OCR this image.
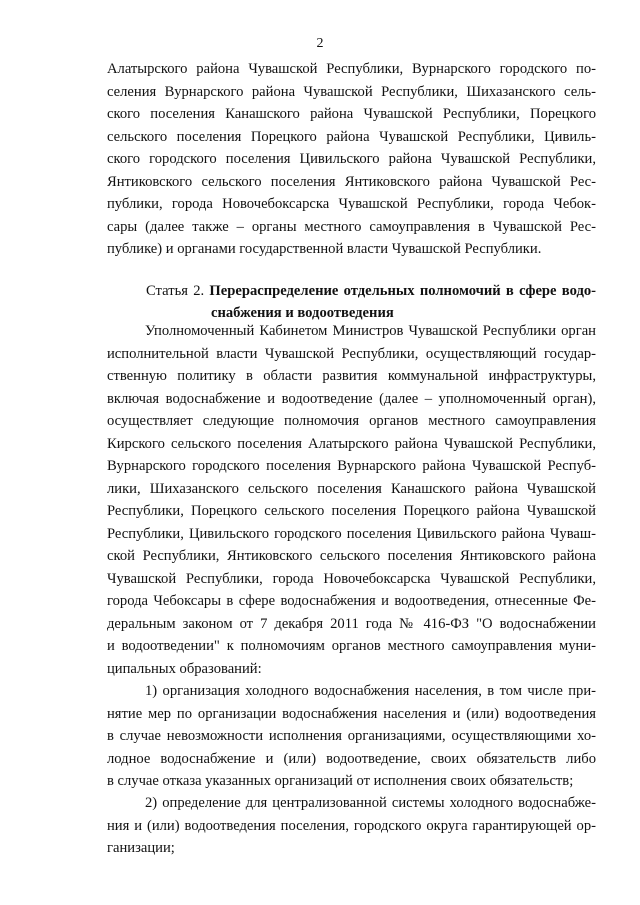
2
Алатырского района Чувашской Республики, Вурнарского городского по-
селения Вурнарского района Чувашской Республики, Шихазанского сель-
ского поселения Канашского района Чувашской Республики, Порецкого
сельского поселения Порецкого района Чувашской Республики, Цивиль-
ского городского поселения Цивильского района Чувашской Республики,
Янтиковского сельского поселения Янтиковского района Чувашской Рес-
публики, города Новочебоксарска Чувашской Республики, города Чебок-
сары (далее также – органы местного самоуправления в Чувашской Рес-
публике) и органами государственной власти Чувашской Республики.
Статья 2. Перераспределение отдельных полномочий в сфере водо-
снабжения и водоотведения
Уполномоченный Кабинетом Министров Чувашской Республики орган
исполнительной власти Чувашской Республики, осуществляющий государ-
ственную политику в области развития коммунальной инфраструктуры,
включая водоснабжение и водоотведение (далее – уполномоченный орган),
осуществляет следующие полномочия органов местного самоуправления
Кирского сельского поселения Алатырского района Чувашской Республики,
Вурнарского городского поселения Вурнарского района Чувашской Респуб-
лики, Шихазанского сельского поселения Канашского района Чувашской
Республики, Порецкого сельского поселения Порецкого района Чувашской
Республики, Цивильского городского поселения Цивильского района Чуваш-
ской Республики, Янтиковского сельского поселения Янтиковского района
Чувашской Республики, города Новочебоксарска Чувашской Республики,
города Чебоксары в сфере водоснабжения и водоотведения, отнесенные Фе-
деральным законом от 7 декабря 2011 года № 416-ФЗ "О водоснабжении
и водоотведении" к полномочиям органов местного самоуправления муни-
ципальных образований:
1) организация холодного водоснабжения населения, в том числе при-
нятие мер по организации водоснабжения населения и (или) водоотведения
в случае невозможности исполнения организациями, осуществляющими хо-
лодное водоснабжение и (или) водоотведение, своих обязательств либо
в случае отказа указанных организаций от исполнения своих обязательств;
2) определение для централизованной системы холодного водоснабже-
ния и (или) водоотведения поселения, городского округа гарантирующей ор-
ганизации;
